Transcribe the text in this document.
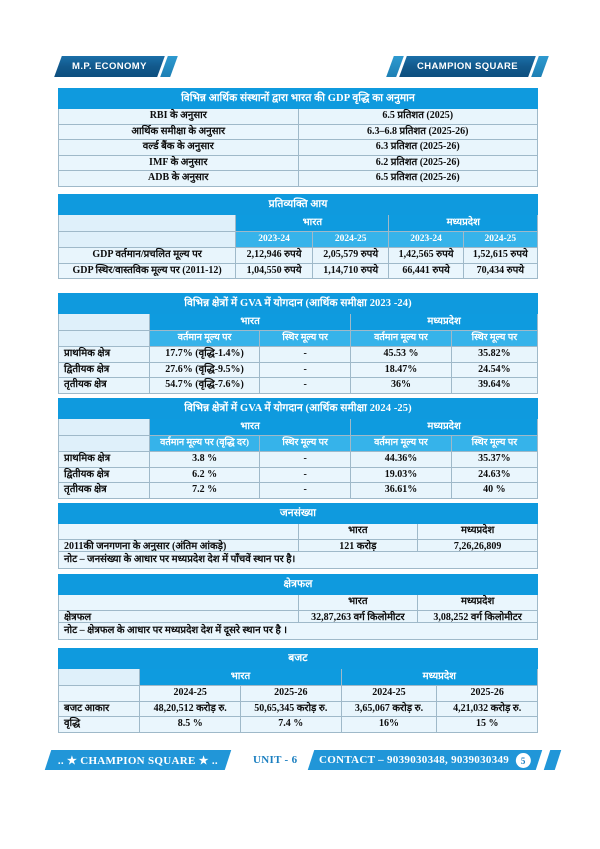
M.P. ECONOMY	CHAMPION SQUARE
विभिन्न आर्थिक संस्थानों द्वारा भारत की GDP वृद्धि का अनुमान	
RBI के अनुसार	6.5 प्रतिशत (2025)
आर्थिक समीक्षा के अनुसार	6.3–6.8 प्रतिशत (2025-26)
वर्ल्ड बैंक के अनुसार	6.3 प्रतिशत (2025-26)
IMF के अनुसार	6.2 प्रतिशत (2025-26)
ADB के अनुसार	6.5 प्रतिशत (2025-26)
प्रतिव्यक्ति आय				
	भारत		मध्यप्रदेश	
	2023-24	2024-25	2023-24	2024-25
GDP वर्तमान/प्रचलित मूल्य पर	2,12,946 रुपये	2,05,579 रुपये	1,42,565 रुपये	1,52,615 रुपये
GDP स्थिर/वास्तविक मूल्य पर (2011-12)	1,04,550 रुपये	1,14,710 रुपये	66,441 रुपये	70,434 रुपये
विभिन्न क्षेत्रों में GVA में योगदान (आर्थिक समीक्षा 2023 -24)				
	भारत		मध्यप्रदेश	
	वर्तमान मूल्य पर	स्थिर मूल्य पर	वर्तमान मूल्य पर	स्थिर मूल्य पर
प्राथमिक क्षेत्र	17.7% (वृद्धि-1.4%)	-	45.53 %	35.82%
द्वितीयक क्षेत्र	27.6% (वृद्धि-9.5%)	-	18.47%	24.54%
तृतीयक क्षेत्र	54.7% (वृद्धि-7.6%)	-	36%	39.64%
विभिन्न क्षेत्रों में GVA में योगदान (आर्थिक समीक्षा 2024 -25)				
	भारत		मध्यप्रदेश	
	वर्तमान मूल्य पर (वृद्धि दर)	स्थिर मूल्य पर	वर्तमान मूल्य पर	स्थिर मूल्य पर
प्राथमिक क्षेत्र	3.8 %	-	44.36%	35.37%
द्वितीयक क्षेत्र	6.2 %	-	19.03%	24.63%
तृतीयक क्षेत्र	7.2 %	-	36.61%	40 %
जनसंख्या		
	भारत	मध्यप्रदेश
2011की जनगणना के अनुसार (अंतिम आंकड़े)	121 करोड़	7,26,26,809
नोट – जनसंख्या के आधार पर मध्यप्रदेश देश में पाँचवें स्थान पर है।
क्षेत्रफल		
	भारत	मध्यप्रदेश
क्षेत्रफल	32,87,263 वर्ग किलोमीटर	3,08,252 वर्ग किलोमीटर
नोट – क्षेत्रफल के आधार पर मध्यप्रदेश देश में दूसरे स्थान पर है ।
बजट				
	भारत		मध्यप्रदेश	
	2024-25	2025-26	2024-25	2025-26
बजट आकार	48,20,512 करोड़ रु.	50,65,345 करोड़ रु.	3,65,067 करोड़ रु.	4,21,032 करोड़ रु.
वृद्धि	8.5 %	7.4 %	16%	15 %
.. ★ CHAMPION SQUARE ★ ..	UNIT - 6 CONTACT – 9039030348, 9039030349	5
